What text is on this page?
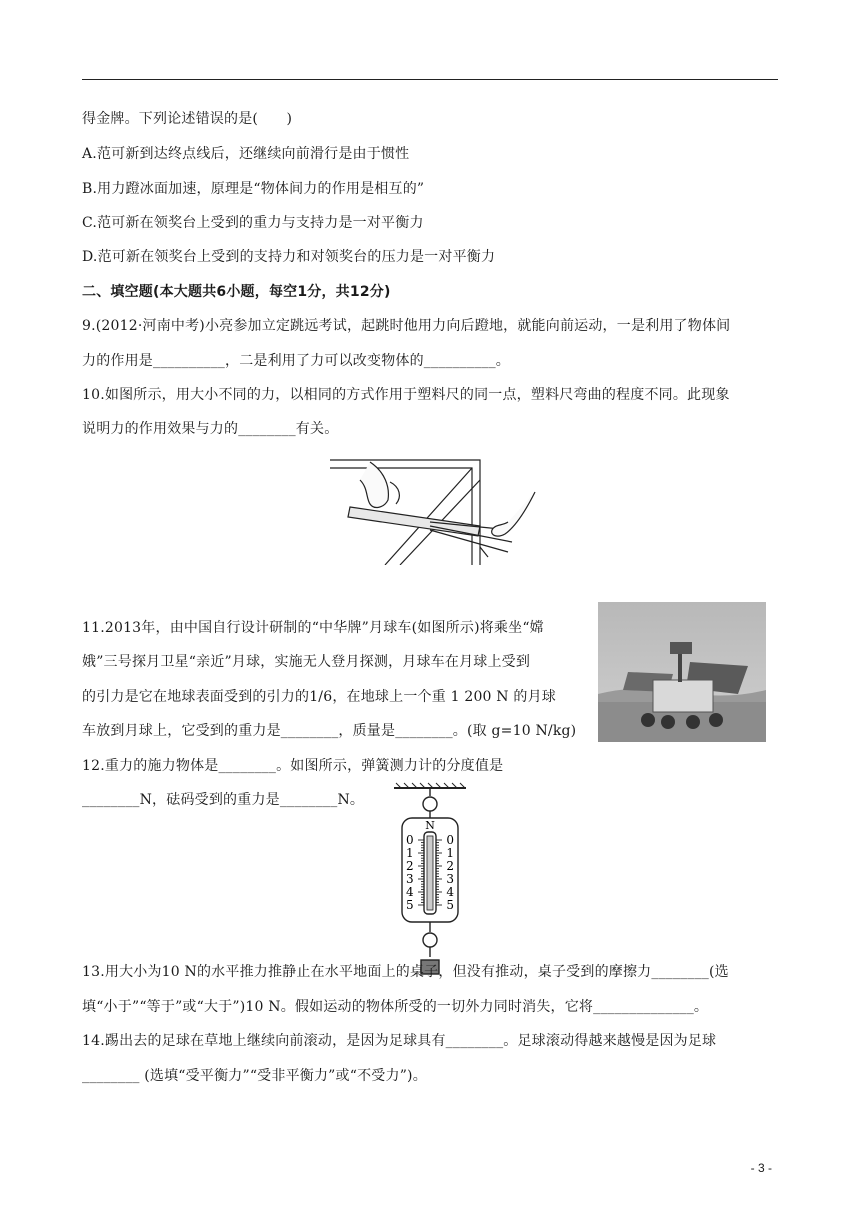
得金牌。下列论述错误的是(　　)
A.范可新到达终点线后，还继续向前滑行是由于惯性
B.用力蹬冰面加速，原理是“物体间力的作用是相互的”
C.范可新在领奖台上受到的重力与支持力是一对平衡力
D.范可新在领奖台上受到的支持力和对领奖台的压力是一对平衡力
二、填空题(本大题共6小题，每空1分，共12分)
9.(2012·河南中考)小亮参加立定跳远考试，起跳时他用力向后蹬地，就能向前运动，一是利用了物体间
力的作用是__________，二是利用了力可以改变物体的__________。
10.如图所示，用大小不同的力，以相同的方式作用于塑料尺的同一点，塑料尺弯曲的程度不同。此现象
说明力的作用效果与力的________有关。
11.2013年，由中国自行设计研制的“中华牌”月球车(如图所示)将乘坐“嫦
娥”三号探月卫星“亲近”月球，实施无人登月探测，月球车在月球上受到
的引力是它在地球表面受到的引力的1/6，在地球上一个重 1 200 N 的月球
车放到月球上，它受到的重力是________，质量是________。(取 g=10 N/kg)
12.重力的施力物体是________。如图所示，弹簧测力计的分度值是
________N，砝码受到的重力是________N。
N
0	0
1	1
2	2
3	3
4	4
5	5
13.用大小为10 N的水平推力推静止在水平地面上的桌子，但没有推动，桌子受到的摩擦力________(选
填“小于”“等于”或“大于”)10 N。假如运动的物体所受的一切外力同时消失，它将______________。
14.踢出去的足球在草地上继续向前滚动，是因为足球具有________。足球滚动得越来越慢是因为足球
________ (选填“受平衡力”“受非平衡力”或“不受力”)。
- 3 -
